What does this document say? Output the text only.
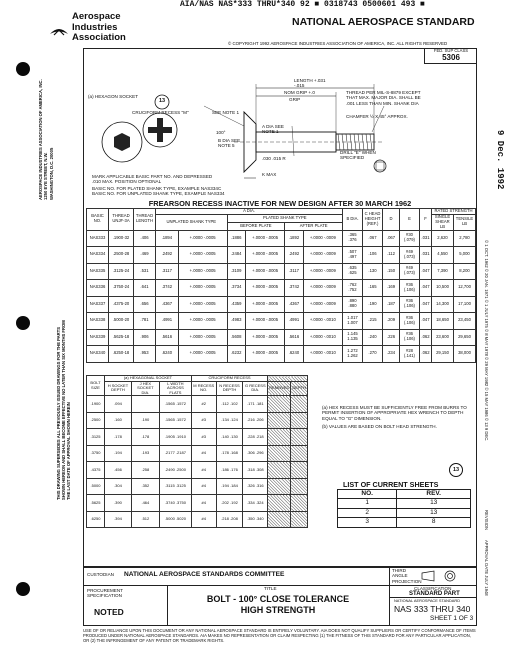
AIA/NAS NAS*333 THRU*340 92 ■ 0318743 0500601 493 ■
Aerospace
Industries
Association
NATIONAL AEROSPACE STANDARD
© COPYRIGHT 1992 AEROSPACE INDUSTRIES ASSOCIATION OF AMERICA, INC. ALL RIGHTS RESERVED
FED. SUP CLASS
5306
AEROSPACE INDUSTRIES ASSOCIATION OF AMERICA, INC. 1250 EYE STREET, N.W. WASHINGTON, D.C. 20005
THIS DRAWING SUPERSEDES ALL PREVIOUSLY ISSUED DRAWINGS FOR THE PARTS SHOWN HEREON AND SHALL BECOME EFFECTIVE NO LATER THAN SIX MONTHS FROM THE LAST DATE OF APPROVAL SHOWN HEREIN
9 Dec. 1992
© 1 OCT. 1962 © 20 JAN. 1971 © 1 JULY 1975 © 8 MAY 1978 © 29 MAY 1982 © 15 MAY 1986 © 13 9 DEC.
REVISION
APPROVAL DATE JULY 1948
13
(a) HEXAGON SOCKET
CRUCIFORM RECESS "M"	SEE NOTE 1
LENGTH +.031 -.015
GRIP
NOM GRIP +.0	THREAD PER MIL-S-8879 EXCEPT THAT MAX. MAJOR DIA. SHALL BE .001 LESS THAN MIN. SHANK DIA
CHAMFER ½ X 45° APPROX.
A DIA SEE NOTE 1
B DIA SEE NOTE 5
100°
.030 .015 R
K MAX
DRILL "E" WHEN SPECIFIED
MARK APPLICABLE BASIC PART NO. AND DEPRESSED .010 MAX. POSITION OPTIONAL
BASIC NO. FOR PLATED SHANK TYPE, EXAMPLE NAS334C
BASIC NO. FOR UNPLATED SHANK TYPE, EXAMPLE NAS334
FREARSON RECESS INACTIVE FOR NEW DESIGN AFTER 30 MARCH 1962
BASIC NO.	THREAD UNJF-3A	THREAD LENGTH	A DIA.						B DIA.	C HEAD HEIGHT (REF.)	D	E	F	RATED STRENGTH	
			UNPLATED SHANK TYPE		PLATED SHANK TYPE									SINGLE SHEAR LB	TENSILE LB
					BEFORE PLATE		AFTER PLATE								
NAS333	.1900-32	.406	.1894	+.0000 -.0005	.1886	+.0000 -.0005	.1892	+.0000 -.0009	.365 .376	.067	.067	#30 (.079)	.031	2,620	2,780
NAS334	.2500-28	.469	.2492	+.0000 -.0005	.2484	+.0000 -.0005	.2492	+.0000 -.0009	.507 .497	.106	.112	#49 (.073)	.031	4,550	5,000
NAS335	.3125-24	.531	.3117	+.0000 -.0005	.3109	+.0000 -.0005	.3117	+.0000 -.0009	.635 .625	.130	.150	#49 (.073)	.047	7,390	8,200
NAS336	.3750-24	.641	.3742	+.0000 -.0005	.3734	+.0000 -.0005	.3742	+.0000 -.0009	.762 .752	.165	.169	#36 (.106)	.047	10,500	12,700
NAS337	.4375-20	.656	.4367	+.0000 -.0005	.4359	+.0000 -.0005	.4367	+.0000 -.0009	.890 .880	.190	.187	#36 (.106)	.047	14,300	17,100
NAS338	.5000-20	.781	.4991	+.0000 -.0005	.4983	+.0000 -.0005	.4991	+.0000 -.0010	1.017 1.007	.215	.209	#36 (.106)	.047	18,650	23,450
NAS339	.5625-18	.906	.5616	+.0000 -.0005	.5608	+.0000 -.0005	.5616	+.0000 -.0010	1.145 1.135	.240	.226	#36 (.106)	.062	23,600	29,650
NAS340	.6250-18	.953	.6240	+.0000 -.0005	.6232	+.0000 -.0005	.6240	+.0000 -.0010	1.272 1.262	.270	.234	#28 (.141)	.062	29,150	38,000
BOLT SIZE	(a) HEXAGONAL SOCKET			CRUCIFORM RECESS				
	H SOCKET DEPTH	J HEX SOCKET DIA.	L WIDTH ACROSS FLATS	M RECESS NO.	N RECESS DEPTH	G RECESS DIA.	REMOVED	DEPTH
.1900	.094		.1565 .1572	#2	.112 .102	.171 .181		
.2500	.160	.190	.1565 .1572	#3	.134 .124	.216 .206		
.3125	.178	.178	.1905 .1910	#3	.140 .130	.228 .218		
.3750	.194	.193	.2177 .2187	#4	.178 .168	.306 .296		
.4375	.456	.258	.2490 .2500	#4	.186 .176	.318 .308		
.5000	.304	.352	.3115 .3125	#4	.194 .184	.326 .316		
.5625	.390	.464	.3740 .3750	#4	.202 .192	.334 .324		
.6250	.394	.512	.5000 .5020	#4	.218 .208	.350 .340		
(a) HEX RECESS MUST BE SUFFICIENTLY FREE FROM BURRS TO PERMIT INSERTION OF APPROPRIATE HEX WRENCH TO DEPTH EQUAL TO "G" DIMENSION.
(b) VALUES ARE BASED ON BOLT HEAD STRENGTH.
13
LIST OF CURRENT SHEETS
NO.	REV.
1	13
2	13
3	8
CUSTODIAN NATIONAL AEROSPACE STANDARDS COMMITTEE
THIRD ANGLE PROJECTION
CLASSIFICATION
STANDARD PART
PROCUREMENT SPECIFICATION
NOTED
TITLE
BOLT - 100° CLOSE TOLERANCE
HIGH STRENGTH
NATIONAL AEROSPACE STANDARD
NAS 333 THRU 340
SHEET 1 OF 3
USE OF OR RELIANCE UPON THIS DOCUMENT OR ANY NATIONAL AEROSPACE STANDARD IS ENTIRELY VOLUNTARY. AIA DOES NOT QUALIFY SUPPLIERS OR CERTIFY CONFORMANCE OF ITEMS PRODUCED UNDER NATIONAL AEROSPACE STANDARDS. AIA MAKES NO REPRESENTATION OR CLAIM RESPECTING (1) THE FITNESS OF THIS STANDARD FOR ANY PARTICULAR APPLICATION, OR (2) THE INFRINGEMENT OF ANY PATENT OR TRADEMARK RIGHTS.
